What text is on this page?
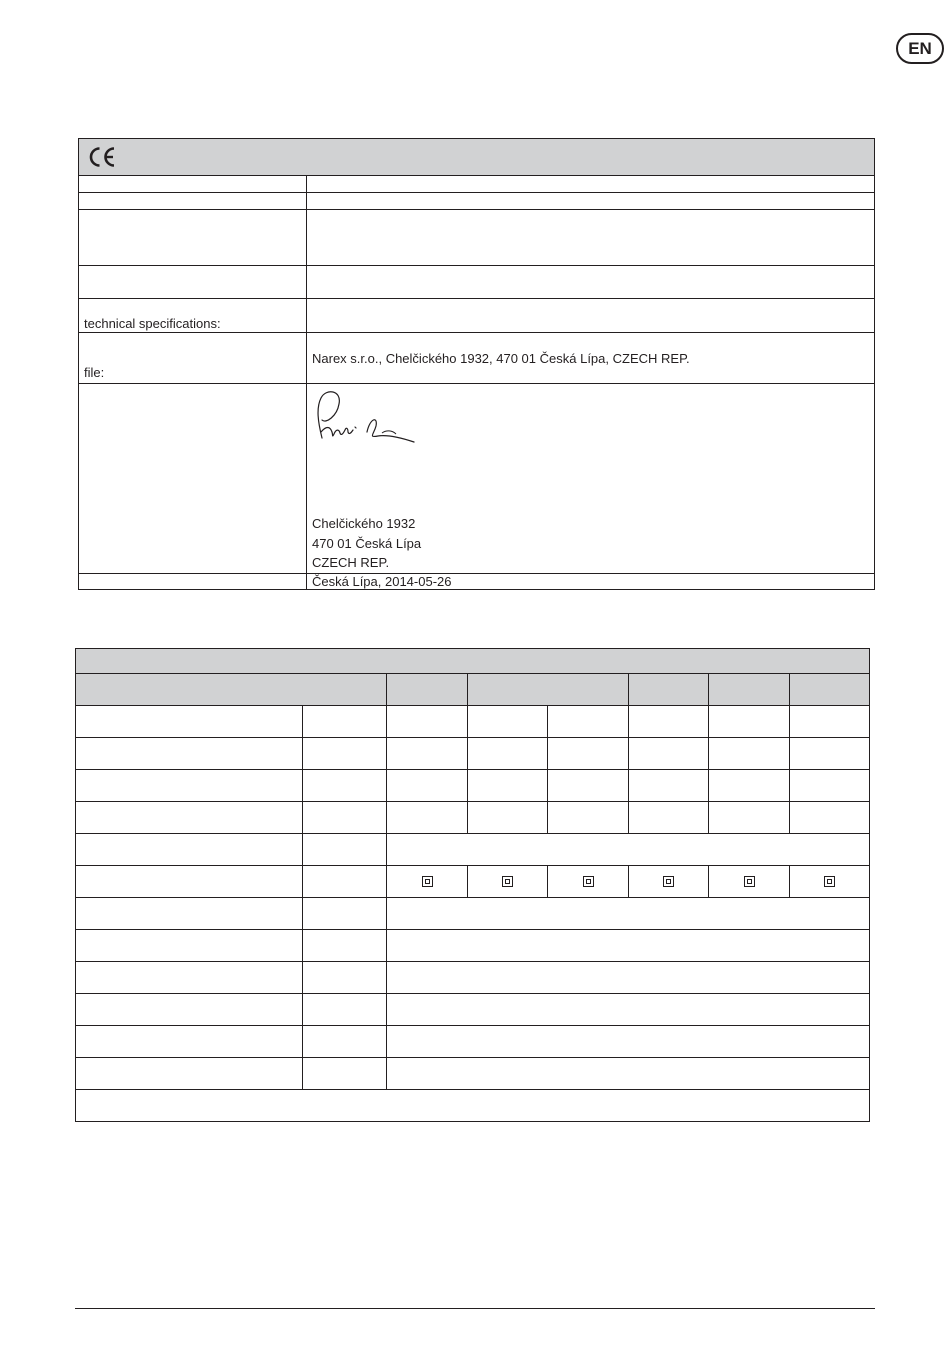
EN

technical specifications:	
file:	Narex s.r.o., Chelčického 1932, 470 01 Česká Lípa, CZECH REP.

	Chelčického 1932
470 01 Česká Lípa
CZECH REP.

	Česká Lípa, 2014-05-26
